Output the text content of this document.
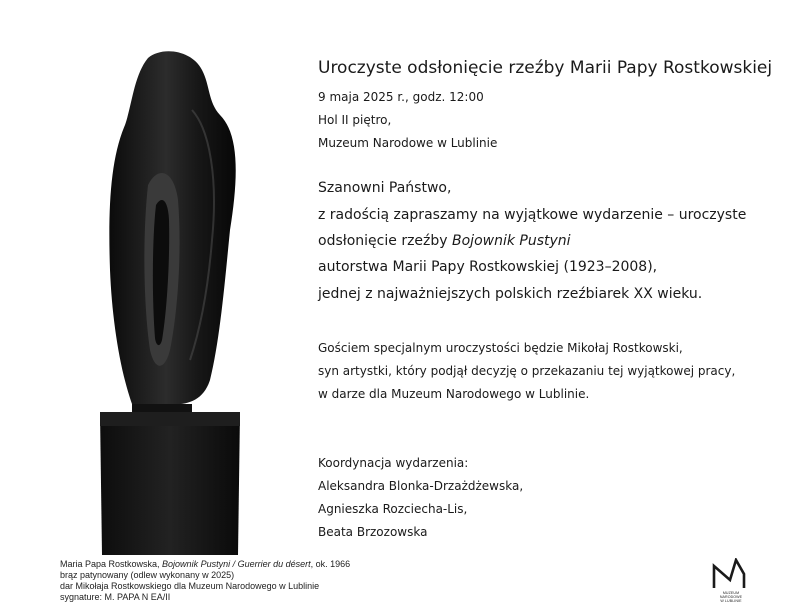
Uroczyste odsłonięcie rzeźby Marii Papy Rostkowskiej
9 maja 2025 r., godz. 12:00
Hol II piętro,
Muzeum Narodowe w Lublinie
Szanowni Państwo,
z radością zapraszamy na wyjątkowe wydarzenie – uroczyste
odsłonięcie rzeźby Bojownik Pustyni
autorstwa Marii Papy Rostkowskiej (1923–2008),
jednej z najważniejszych polskich rzeźbiarek XX wieku.
Gościem specjalnym uroczystości będzie Mikołaj Rostkowski,
syn artystki, który podjął decyzję o przekazaniu tej wyjątkowej pracy,
w darze dla Muzeum Narodowego w Lublinie.
Koordynacja wydarzenia:
Aleksandra Blonka-Drzażdżewska,
Agnieszka Rozciecha-Lis,
Beata Brzozowska
Maria Papa Rostkowska, Bojownik Pustyni / Guerrier du désert, ok. 1966
brąz patynowany (odlew wykonany w 2025)
dar Mikołaja Rostkowskiego dla Muzeum Narodowego w Lublinie
sygnature: M. PAPA N EA/II	MUZEUM
NARODOWE
W LUBLINIE
